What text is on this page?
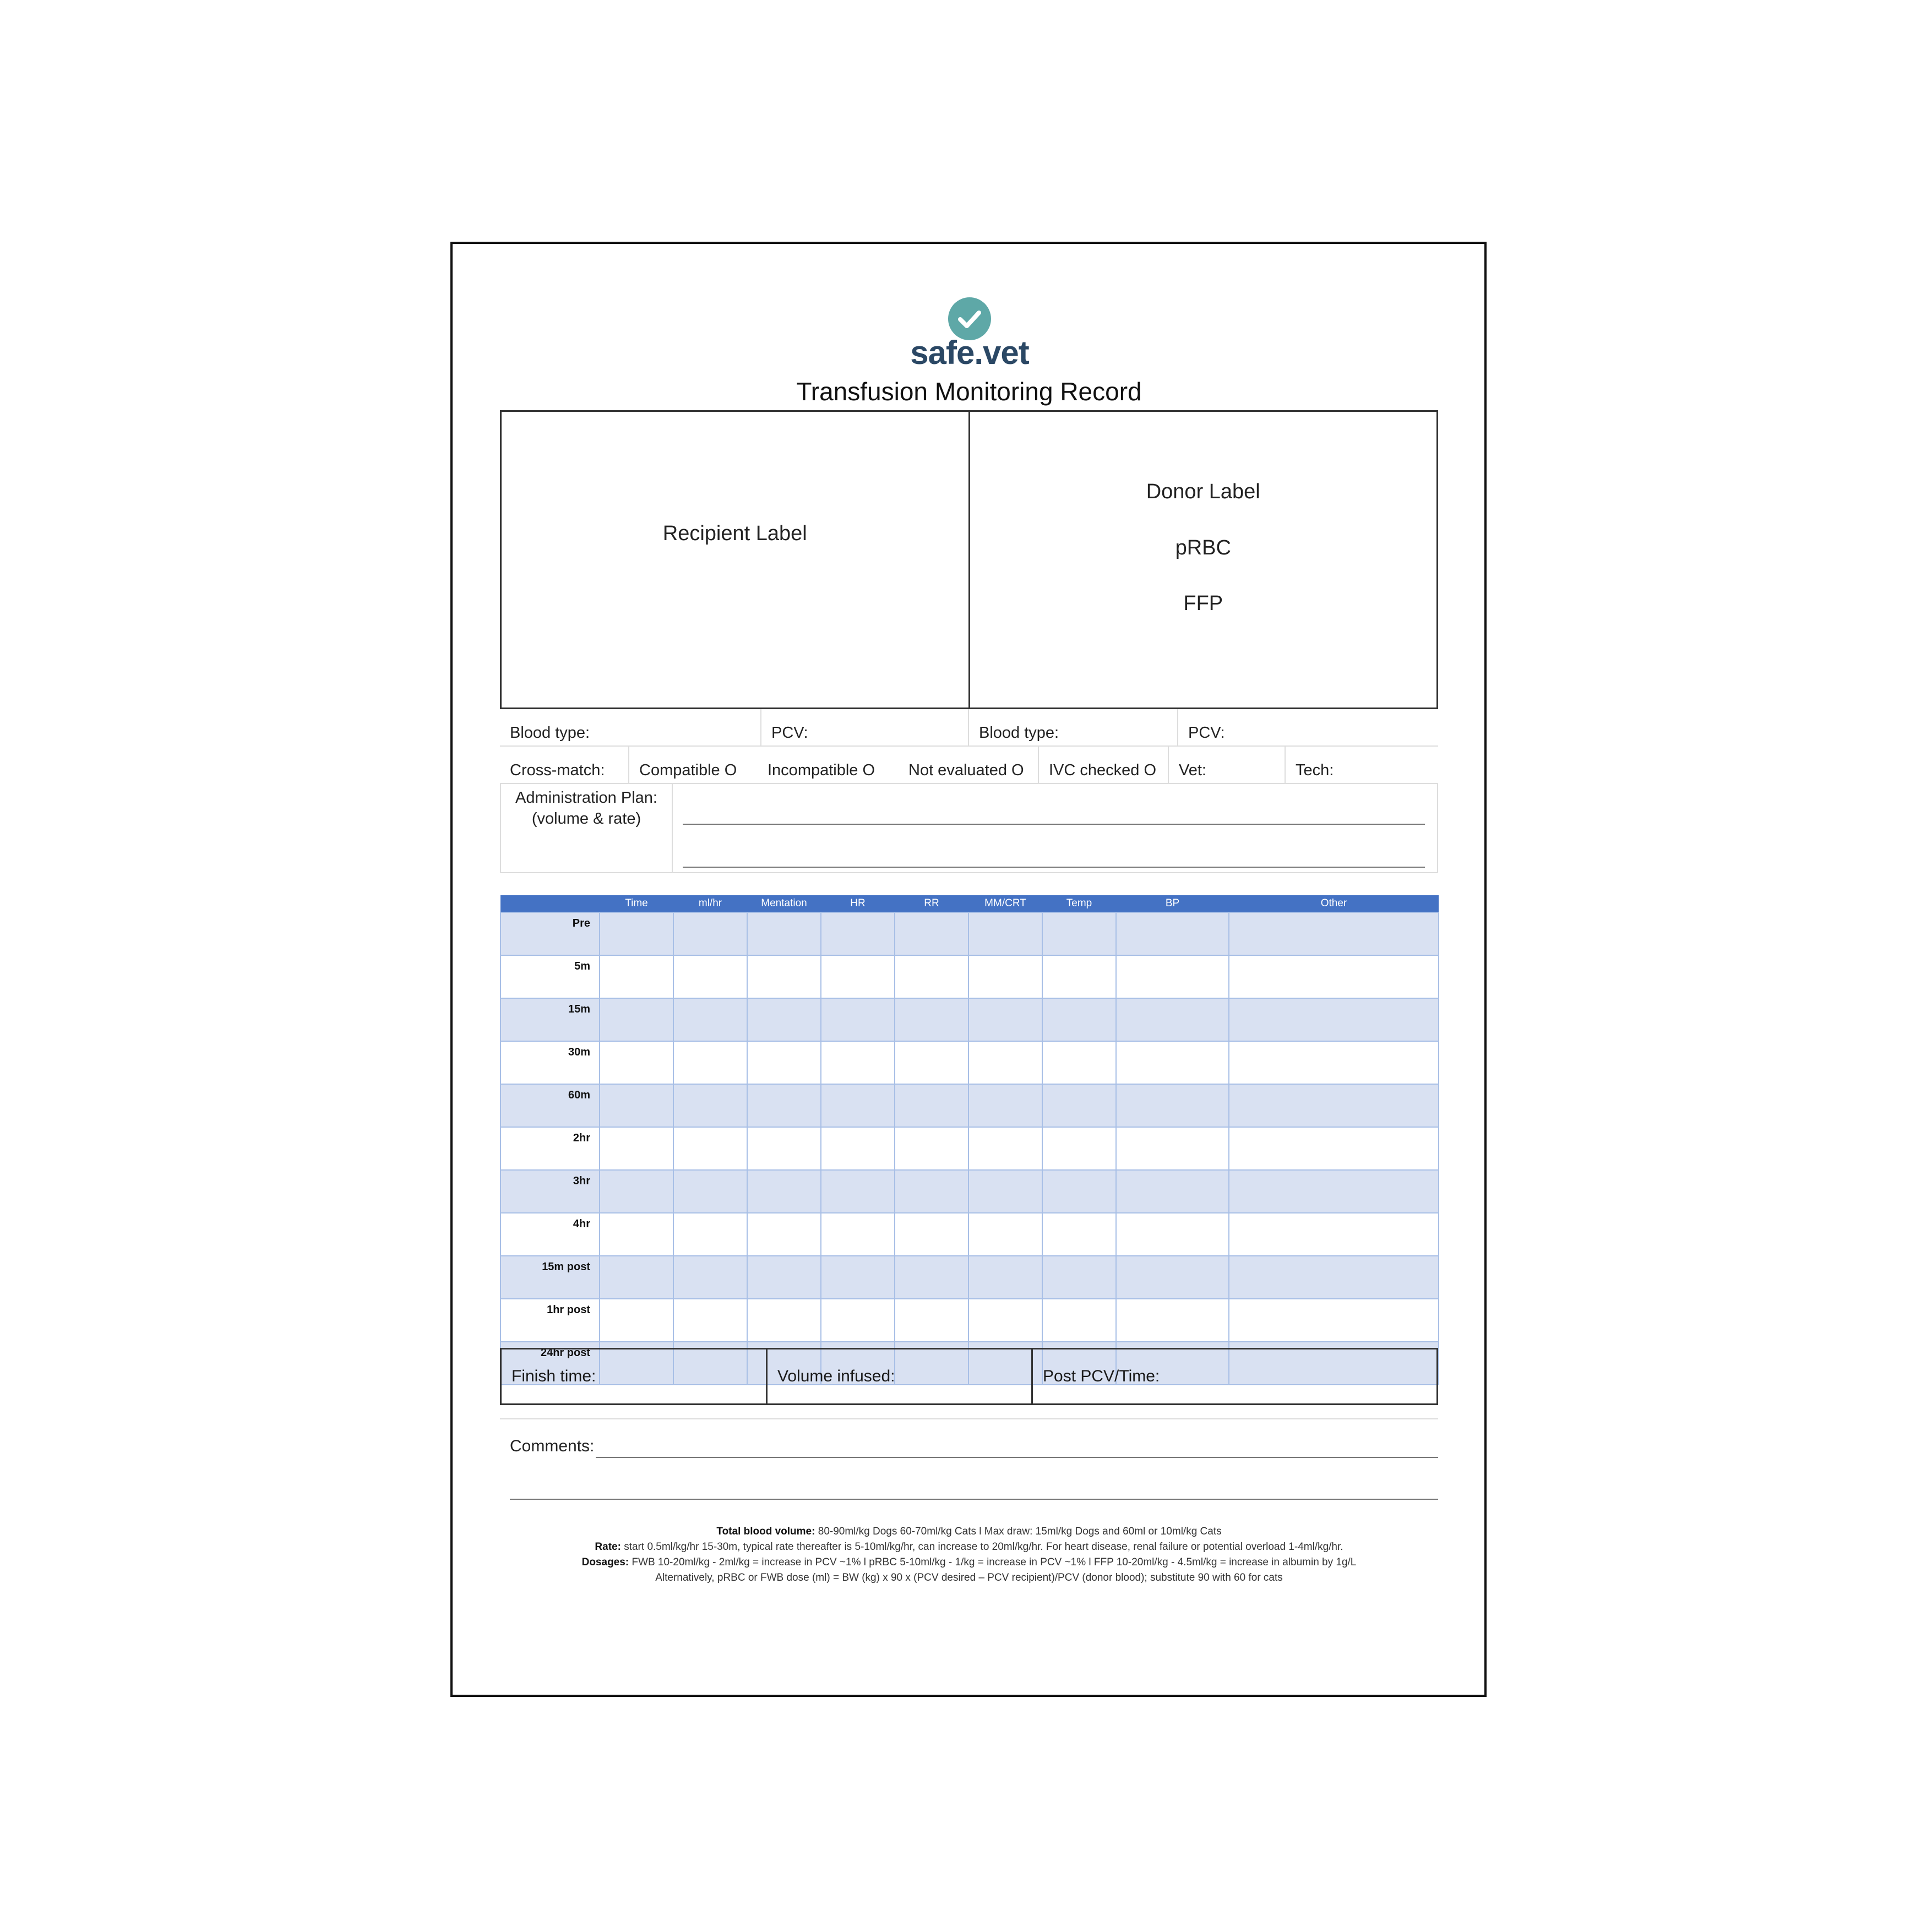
safe.vet
Transfusion Monitoring Record
Recipient Label
Donor Label
pRBC
FFP
Blood type:	PCV:	Blood type:	PCV:
Cross-match: Compatible O Incompatible O Not evaluated O IVC checked O Vet:	Tech:
Administration Plan:
(volume & rate)
	Time	ml/hr	Mentation	HR	RR	MM/CRT	Temp	BP	Other
Pre									
5m									
15m									
30m									
60m									
2hr									
3hr									
4hr									
15m post									
1hr post									
24hr post									
Finish time:	Volume infused:	Post PCV/Time:
Comments:
Total blood volume: 80-90ml/kg Dogs 60-70ml/kg Cats l Max draw: 15ml/kg Dogs and 60ml or 10ml/kg Cats
Rate: start 0.5ml/kg/hr 15-30m, typical rate thereafter is 5-10ml/kg/hr, can increase to 20ml/kg/hr. For heart disease, renal failure or potential overload 1-4ml/kg/hr.
Dosages: FWB 10-20ml/kg - 2ml/kg = increase in PCV ~1% l pRBC 5-10ml/kg - 1/kg = increase in PCV ~1% l FFP 10-20ml/kg - 4.5ml/kg = increase in albumin by 1g/L
Alternatively, pRBC or FWB dose (ml) = BW (kg) x 90 x (PCV desired – PCV recipient)/PCV (donor blood); substitute 90 with 60 for cats
